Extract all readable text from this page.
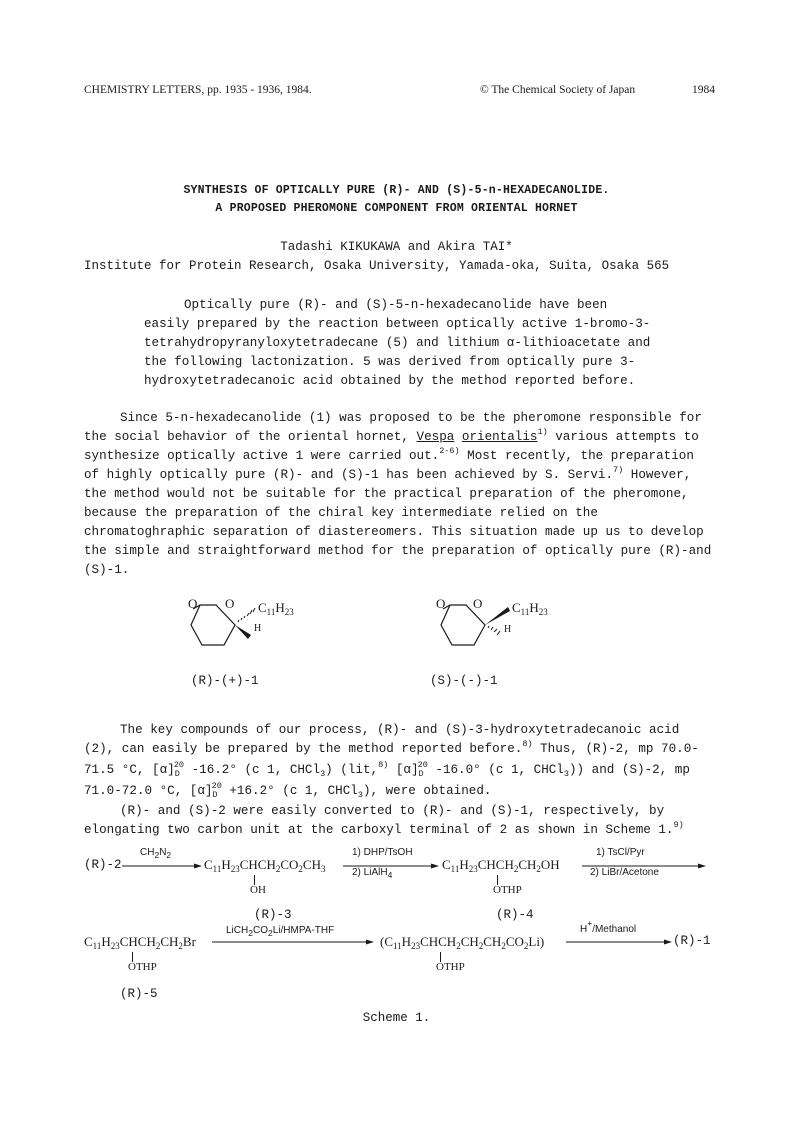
CHEMISTRY LETTERS, pp. 1935 - 1936, 1984.	© The Chemical Society of Japan	1984
SYNTHESIS OF OPTICALLY PURE (R)- AND (S)-5-n-HEXADECANOLIDE.
A PROPOSED PHEROMONE COMPONENT FROM ORIENTAL HORNET
Tadashi KIKUKAWA and Akira TAI*
Institute for Protein Research, Osaka University, Yamada-oka, Suita, Osaka 565
Optically pure (R)- and (S)-5-n-hexadecanolide have been
easily prepared by the reaction between optically active 1-bromo-3-
tetrahydropyranyloxytetradecane (5) and lithium α-lithioacetate and
the following lactonization. 5 was derived from optically pure 3-
hydroxytetradecanoic acid obtained by the method reported before.
Since 5-n-hexadecanolide (1) was proposed to be the pheromone responsible for
the social behavior of the oriental hornet, Vespa orientalis$^{1)}$ various attempts to
synthesize optically active 1 were carried out.$^{2-6)}$ Most recently, the preparation
of highly optically pure (R)- and (S)-1 has been achieved by S. Servi.$^{7)}$ However,
the method would not be suitable for the practical preparation of the pheromone,
because the preparation of the chiral key intermediate relied on the
chromatoghraphic separation of diastereomers. This situation made up us to develop
the simple and straightforward method for the preparation of optically pure (R)-and
(S)-1.
O O $C_{11}H_{23}$
H
(R)-(+)-1
O O $C_{11}H_{23}$
H
(S)-(-)-1
The key compounds of our process, (R)- and (S)-3-hydroxytetradecanoic acid
(2), can easily be prepared by the method reported before.$^{8)}$ Thus, (R)-2, mp 70.0-
71.5 °C, $[\alpha]_D^{20}$ -16.2° (c 1, CHCl$_3$) (lit,$^{8)}$ $[\alpha]_D^{20}$ -16.0° (c 1, CHCl$_3$)) and (S)-2, mp
71.0-72.0 °C, $[\alpha]_D^{20} +16.2^\circ$ (c 1, CHCl$_3$), were obtained.
(R)- and (S)-2 were easily converted to (R)- and (S)-1, respectively, by
elongating two carbon unit at the carboxyl terminal of 2 as shown in Scheme 1.$^{9)}$
(R)-2
$CH_2N_2$
$C_{11}H_{23}CHCH_2CO_2CH_3$
OH
1) DHP/TsOH
2) LiAlH$_4$
$C_{11}H_{23}CHCH_2CH_2OH$
OTHP
1) TsCl/Pyr
2) LiBr/Acetone
(R)-3	(R)-4
$C_{11}H_{23}CHCH_2CH_2Br$
OTHP
$LiCH_2CO_2Li/HMPA$-THF
$(C_{11}H_{23}CHCH_2CH_2CH_2CO_2Li)$
OTHP
H+/Methanol
(R)-1
(R)-5
Scheme 1.
